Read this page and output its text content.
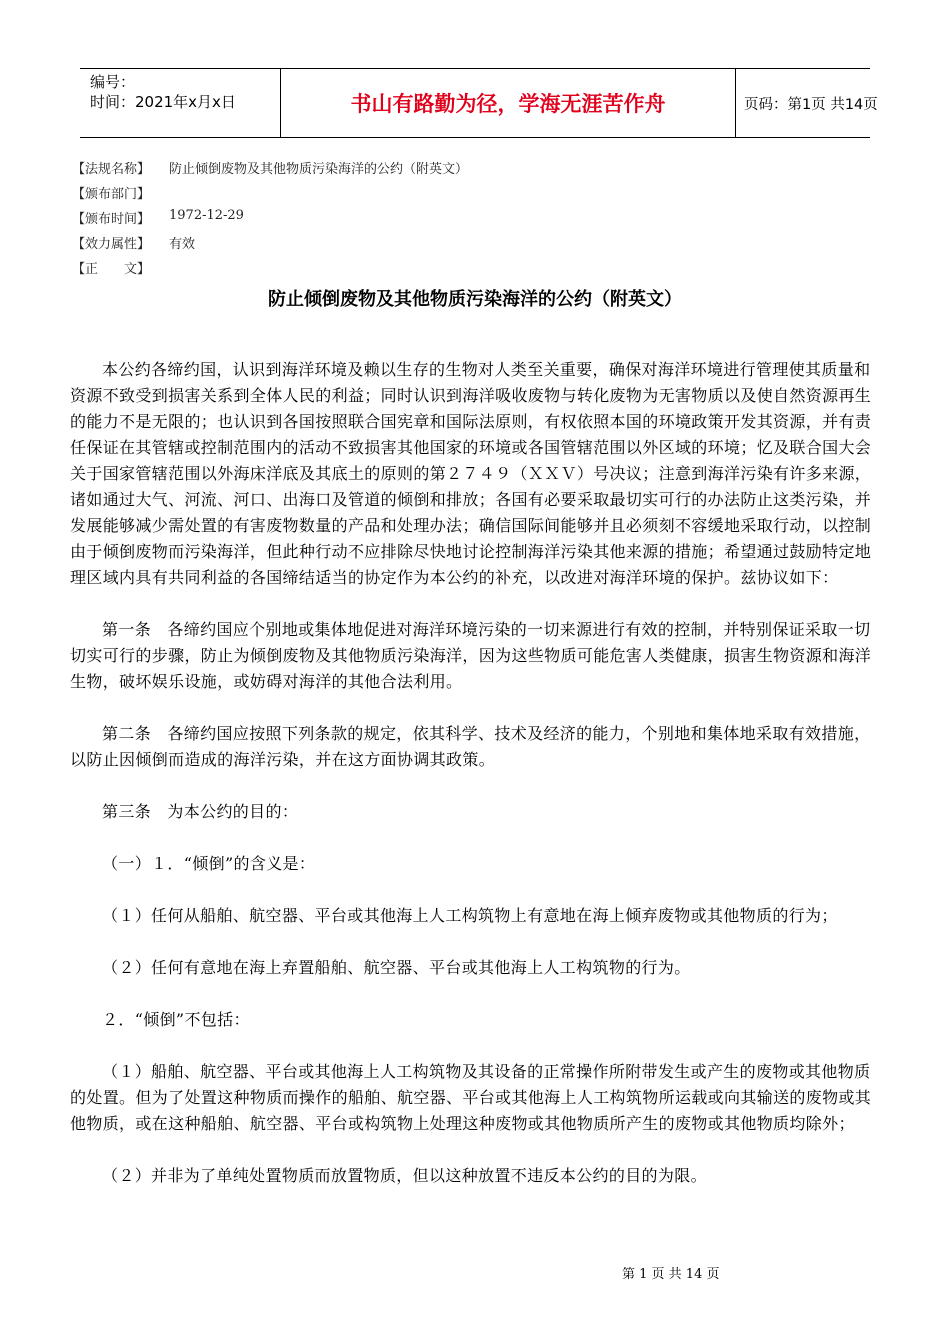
编号：
时间：2021年x月x日	书山有路勤为径，学海无涯苦作舟	页码：第1页 共14页
【法规名称】	防止倾倒废物及其他物质污染海洋的公约（附英文）
【颁布部门】
【颁布时间】	1972-12-29
【效力属性】	有效
【正　　文】
防止倾倒废物及其他物质污染海洋的公约（附英文）

本公约各缔约国，认识到海洋环境及赖以生存的生物对人类至关重要，确保对海洋环境进行管理使其质量和资源不致受到损害关系到全体人民的利益；同时认识到海洋吸收废物与转化废物为无害物质以及使自然资源再生的能力不是无限的；也认识到各国按照联合国宪章和国际法原则，有权依照本国的环境政策开发其资源，并有责任保证在其管辖或控制范围内的活动不致损害其他国家的环境或各国管辖范围以外区域的环境；忆及联合国大会关于国家管辖范围以外海床洋底及其底土的原则的第２７４９（ＸＸＶ）号决议；注意到海洋污染有许多来源，诸如通过大气、河流、河口、出海口及管道的倾倒和排放；各国有必要采取最切实可行的办法防止这类污染，并发展能够减少需处置的有害废物数量的产品和处理办法；确信国际间能够并且必须刻不容缓地采取行动，以控制由于倾倒废物而污染海洋，但此种行动不应排除尽快地讨论控制海洋污染其他来源的措施；希望通过鼓励特定地理区域内具有共同利益的各国缔结适当的协定作为本公约的补充，以改进对海洋环境的保护。兹协议如下：

第一条　各缔约国应个别地或集体地促进对海洋环境污染的一切来源进行有效的控制，并特别保证采取一切切实可行的步骤，防止为倾倒废物及其他物质污染海洋，因为这些物质可能危害人类健康，损害生物资源和海洋生物，破坏娱乐设施，或妨碍对海洋的其他合法利用。

第二条　各缔约国应按照下列条款的规定，依其科学、技术及经济的能力，个别地和集体地采取有效措施，以防止因倾倒而造成的海洋污染，并在这方面协调其政策。

第三条　为本公约的目的：

（一）１．“倾倒”的含义是：

（１）任何从船舶、航空器、平台或其他海上人工构筑物上有意地在海上倾弃废物或其他物质的行为；

（２）任何有意地在海上弃置船舶、航空器、平台或其他海上人工构筑物的行为。

２．“倾倒”不包括：

（１）船舶、航空器、平台或其他海上人工构筑物及其设备的正常操作所附带发生或产生的废物或其他物质的处置。但为了处置这种物质而操作的船舶、航空器、平台或其他海上人工构筑物所运载或向其输送的废物或其他物质，或在这种船舶、航空器、平台或构筑物上处理这种废物或其他物质所产生的废物或其他物质均除外；

（２）并非为了单纯处置物质而放置物质，但以这种放置不违反本公约的目的为限。

第 1 页 共 14 页
